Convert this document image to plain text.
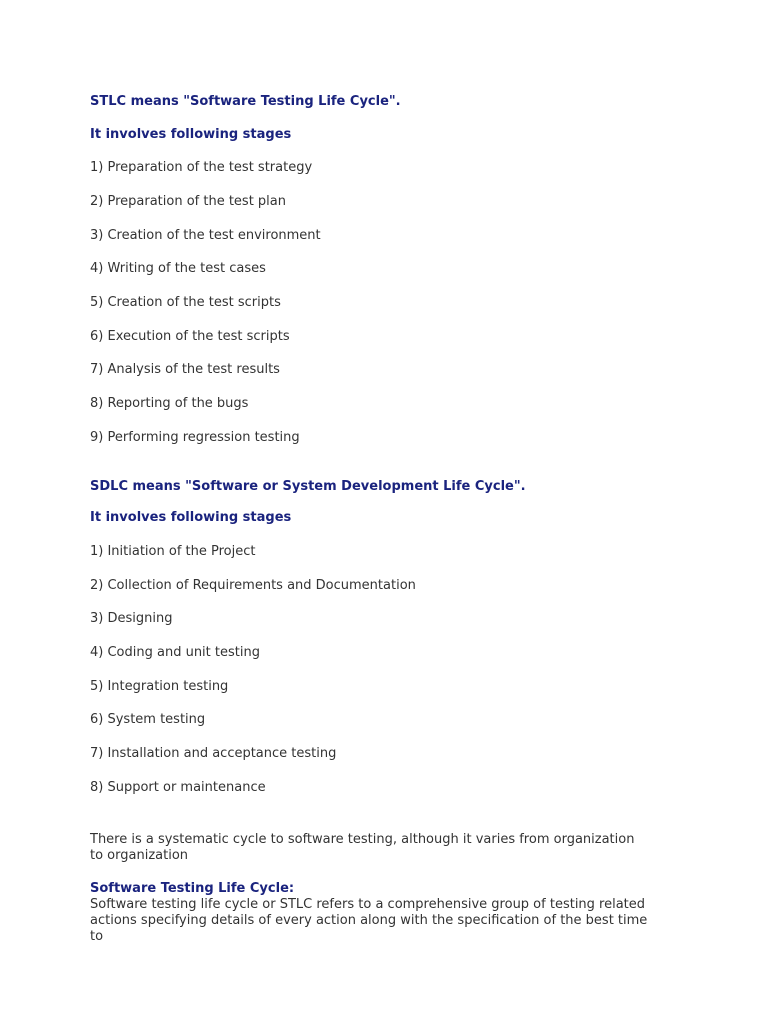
STLC means "Software Testing Life Cycle".

It involves following stages

1) Preparation of the test strategy

2) Preparation of the test plan

3) Creation of the test environment

4) Writing of the test cases

5) Creation of the test scripts

6) Execution of the test scripts

7) Analysis of the test results

8) Reporting of the bugs

9) Performing regression testing

SDLC means "Software or System Development Life Cycle".

It involves following stages

1) Initiation of the Project

2) Collection of Requirements and Documentation

3) Designing

4) Coding and unit testing

5) Integration testing

6) System testing

7) Installation and acceptance testing

8) Support or maintenance

There is a systematic cycle to software testing, although it varies from organization to organization

Software Testing Life Cycle:

Software testing life cycle or STLC refers to a comprehensive group of testing related actions specifying details of every action along with the specification of the best time to
